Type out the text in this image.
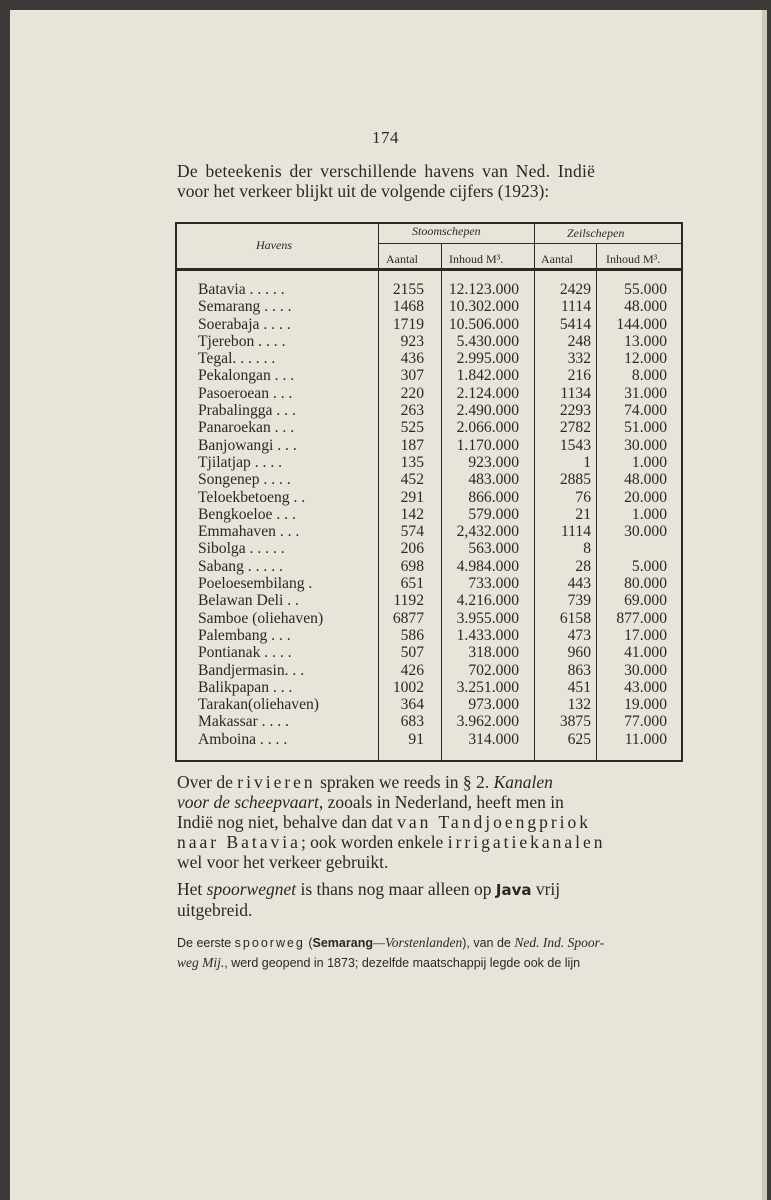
174
De beteekenis der verschillende havens van Ned. Indië
voor het verkeer blijkt uit de volgende cijfers (1923):
Havens
Stoomschepen	Zeilschepen
Aantal	Inhoud M³.	Aantal	Inhoud M³.
Batavia . . . . .	2155 12.123.000	2429 55.000
Semarang . . . .	1468 10.302.000	1114 48.000
Soerabaja . . . .	1719 10.506.000	5414 144.000
Tjerebon . . . .	923 5.430.000	248 13.000
Tegal. . . . . .	436 2.995.000	332 12.000
Pekalongan . . .	307 1.842.000	216	8.000
Pasoeroean . . .	220 2.124.000	1134 31.000
Prabalingga . . .	263 2.490.000	2293 74.000
Panaroekan . . .	525 2.066.000	2782 51.000
Banjowangi . . .	187 1.170.000	1543 30.000
Tjilatjap . . . .	135	923.000	1	1.000
Songenep . . . .	452	483.000	2885 48.000
Teloekbetoeng . .	291	866.000	76 20.000
Bengkoeloe . . .	142	579.000	21	1.000
Emmahaven . . .	574 2,432.000	1114 30.000
Sibolga . . . . .	206	563.000	8
Sabang . . . . .	698 4.984.000	28	5.000
Poeloesembilang .	651	733.000	443 80.000
Belawan Deli . .	1192 4.216.000	739 69.000
Samboe (oliehaven)	6877 3.955.000	6158 877.000
Palembang . . .	586 1.433.000	473 17.000
Pontianak . . . .	507	318.000	960 41.000
Bandjermasin. . .	426	702.000	863 30.000
Balikpapan . . .	1002 3.251.000	451 43.000
Tarakan(oliehaven)	364	973.000	132 19.000
Makassar . . . .	683 3.962.000	3875 77.000
Amboina . . . .	91	314.000	625 11.000
Over de rivieren spraken we reeds in § 2. Kanalen
voor de scheepvaart, zooals in Nederland, heeft men in
Indië nog niet, behalve dan dat van Tandjoengpriok
naar Batavia; ook worden enkele irrigatiekanalen
wel voor het verkeer gebruikt.
Het spoorwegnet is thans nog maar alleen op Java vrij
uitgebreid.
De eerste spoorweg (Semarang—Vorstenlanden), van de Ned. Ind. Spoor-
weg Mij., werd geopend in 1873; dezelfde maatschappij legde ook de lijn
